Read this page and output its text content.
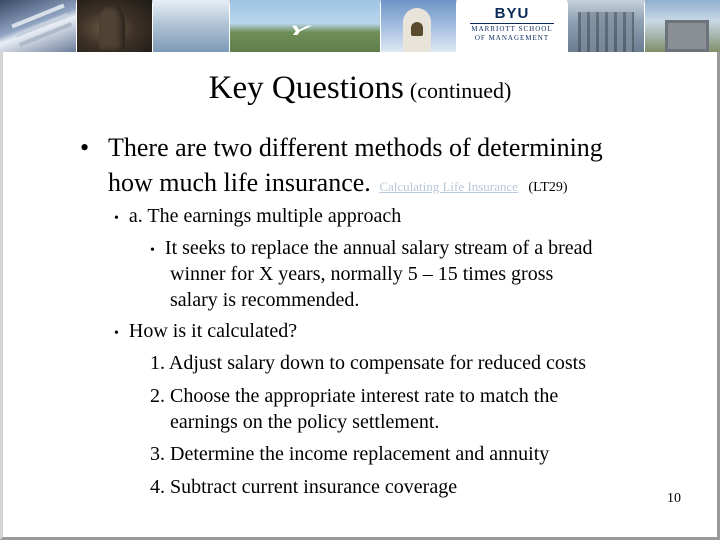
Y
BYU
MARRIOTT SCHOOL
OF MANAGEMENT
Key Questions (continued)
• There are two different methods of determining
how much life insurance. Calculating Life Insurance (LT29)
• a. The earnings multiple approach
• It seeks to replace the annual salary stream of a bread
winner for X years, normally 5 – 15 times gross
salary is recommended.
• How is it calculated?
1. Adjust salary down to compensate for reduced costs
2. Choose the appropriate interest rate to match the
earnings on the policy settlement.
3. Determine the income replacement and annuity
4. Subtract current insurance coverage
10
